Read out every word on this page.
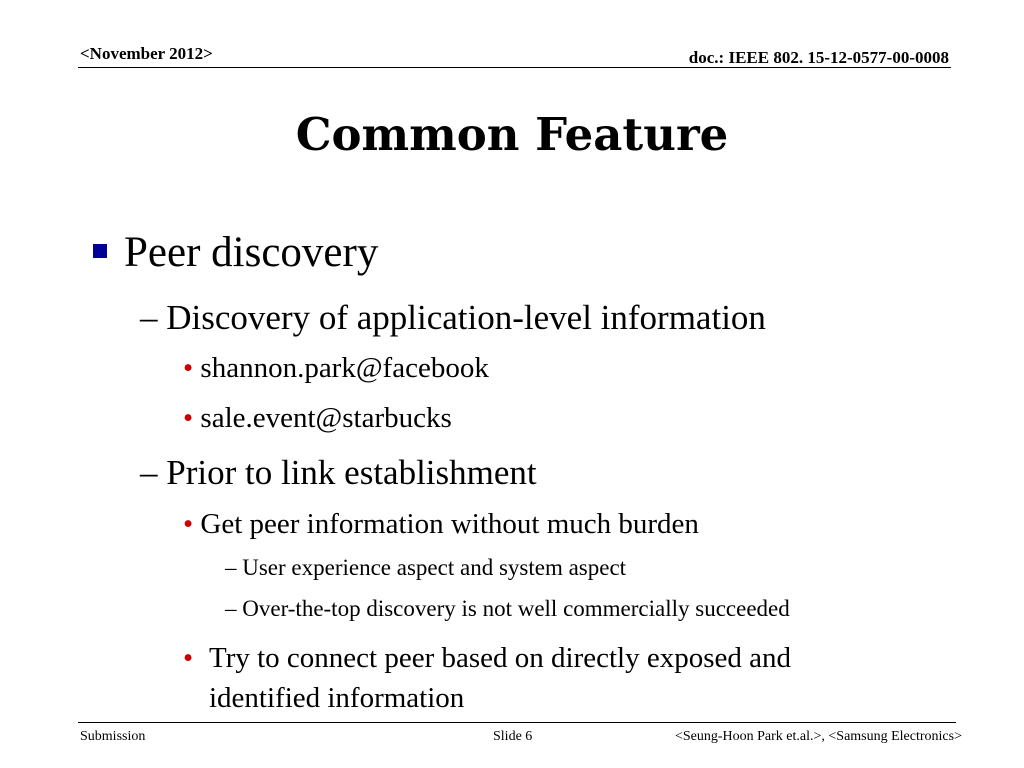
<November 2012>	doc.: IEEE 802. 15-12-0577-00-0008
Common Feature
Peer discovery
– Discovery of application-level information
• shannon.park@facebook
• sale.event@starbucks
– Prior to link establishment
• Get peer information without much burden
– User experience aspect and system aspect
– Over-the-top discovery is not well commercially succeeded
• Try to connect peer based on directly exposed and identified information
Submission	Slide 6	<Seung-Hoon Park et.al.>, <Samsung Electronics>
